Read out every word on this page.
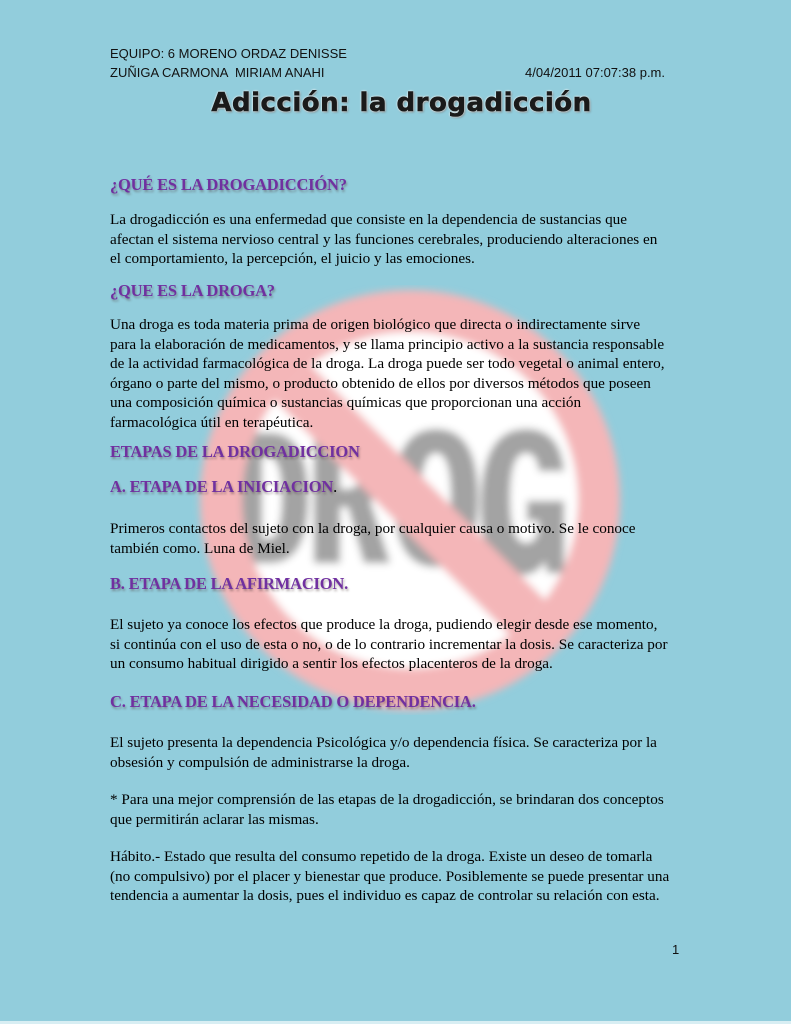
EQUIPO: 6 MORENO ORDAZ DENISSE
ZUÑIGA CARMONA  MIRIAM ANAHI	4/04/2011 07:07:38 p.m.
Adicción: la drogadicción
¿QUÉ ES LA DROGADICCIÓN?
La drogadicción es una enfermedad que consiste en la dependencia de sustancias que
afectan el sistema nervioso central y las funciones cerebrales, produciendo alteraciones en
el comportamiento, la percepción, el juicio y las emociones.
¿QUE ES LA DROGA?
Una droga es toda materia prima de origen biológico que directa o indirectamente sirve
para la elaboración de medicamentos, y se llama principio activo a la sustancia responsable
de la actividad farmacológica de la droga. La droga puede ser todo vegetal o animal entero,
órgano o parte del mismo, o producto obtenido de ellos por diversos métodos que poseen
una composición química o sustancias químicas que proporcionan una acción
farmacológica útil en terapéutica.
ETAPAS DE LA DROGADICCION
A. ETAPA DE LA INICIACION.
Primeros contactos del sujeto con la droga, por cualquier causa o motivo. Se le conoce
también como. Luna de Miel.
B. ETAPA DE LA AFIRMACION.
El sujeto ya conoce los efectos que produce la droga, pudiendo elegir desde ese momento,
si continúa con el uso de esta o no, o de lo contrario incrementar la dosis. Se caracteriza por
un consumo habitual dirigido a sentir los efectos placenteros de la droga.
C. ETAPA DE LA NECESIDAD O DEPENDENCIA.
El sujeto presenta la dependencia Psicológica y/o dependencia física. Se caracteriza por la
obsesión y compulsión de administrarse la droga.
* Para una mejor comprensión de las etapas de la drogadicción, se brindaran dos conceptos
que permitirán aclarar las mismas.
Hábito.- Estado que resulta del consumo repetido de la droga. Existe un deseo de tomarla
(no compulsivo) por el placer y bienestar que produce. Posiblemente se puede presentar una
tendencia a aumentar la dosis, pues el individuo es capaz de controlar su relación con esta.
1
